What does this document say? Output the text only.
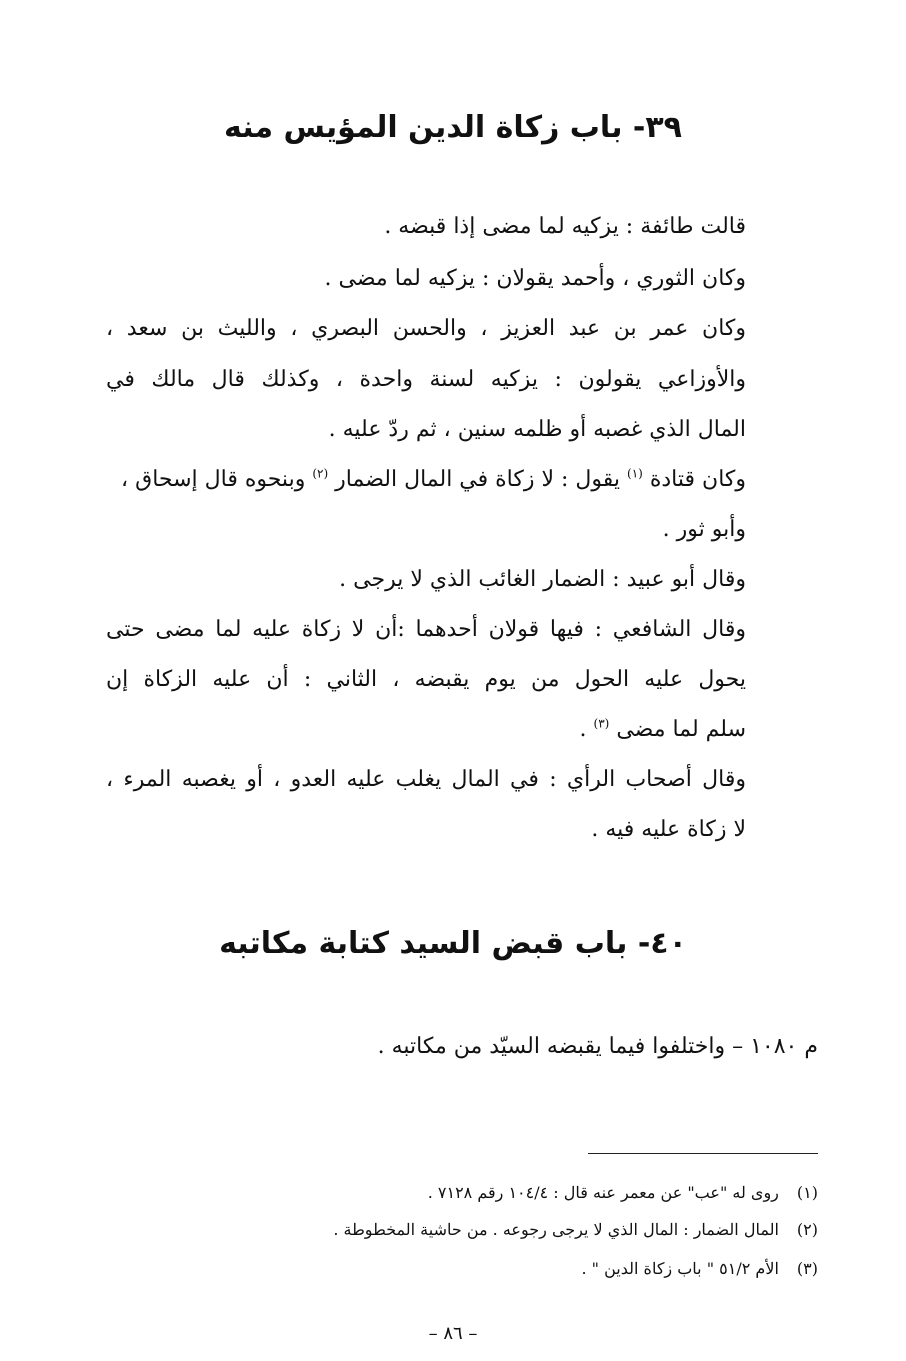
٣٩- باب زكاة الدين المؤيس منه
قالت طائفة : يزكيه لما مضى إذا قبضه .
وكان الثوري ، وأحمد يقولان : يزكيه لما مضى .
وكان عمر بن عبد العزيز ، والحسن البصري ، والليث بن سعد ،
والأوزاعي يقولون : يزكيه لسنة واحدة ، وكذلك قال مالك في
المال الذي غصبه أو ظلمه سنين ، ثم ردّ عليه .
وكان قتادة $^{(١)}$ يقول : لا زكاة في المال الضمار $^{(٢)}$ وبنحوه قال إسحاق ،
وأبو ثور .
وقال أبو عبيد : الضمار الغائب الذي لا يرجى .
وقال الشافعي : فيها قولان أحدهما :أن لا زكاة عليه لما مضى حتى
يحول عليه الحول من يوم يقبضه ، الثاني : أن عليه الزكاة إن
سلم لما مضى $^{(٣)}$ .
وقال أصحاب الرأي : في المال يغلب عليه العدو ، أو يغصبه المرء ،
لا زكاة عليه فيه .
٤٠- باب قبض السيد كتابة مكاتبه
م ١٠٨٠ – واختلفوا فيما يقبضه السيّد من مكاتبه .
(١) روى له "عب" عن معمر عنه قال : ١٠٤/٤ رقم ٧١٢٨ .
(٢) المال الضمار : المال الذي لا يرجى رجوعه . من حاشية المخطوطة .
(٣) الأم ٥١/٢ " باب زكاة الدين " .
– ٨٦ –
